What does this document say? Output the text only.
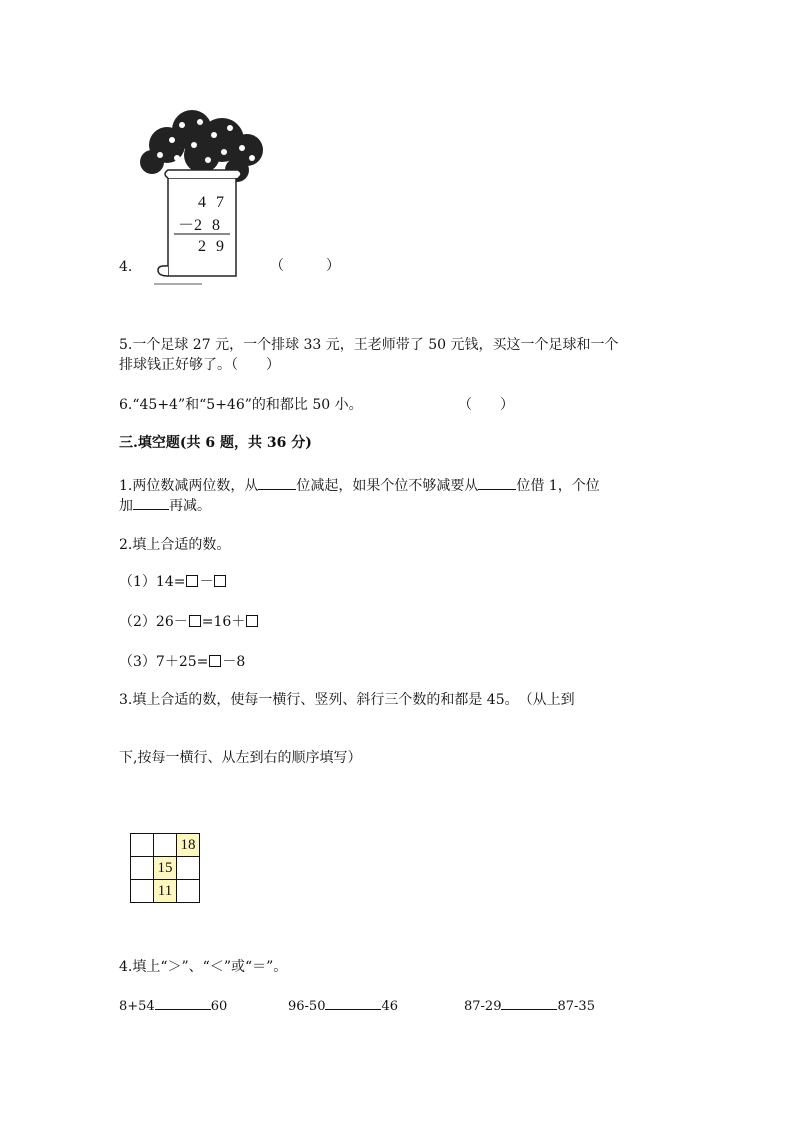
4 7
－2 8
2 9
4.	（　　　）
5.一个足球 27 元，一个排球 33 元，王老师带了 50 元钱，买这一个足球和一个
排球钱正好够了。（　　）
6.“45+4”和“5+46”的和都比 50 小。	（　　）
三.填空题(共 6 题，共 36 分)
1.两位数减两位数，从	位减起，如果个位不够减要从	位借 1，个位
加	再减。
2.填上合适的数。
（1）14= －
（2）26－ =16＋
（3）7＋25= －8
3.填上合适的数，使每一横行、竖列、斜行三个数的和都是 45。　（从上到
下,按每一横行、从左到右的顺序填写）
		18
	15	
	11	
4.填上“＞”、“＜”或“＝”。
8+54	60	96-50	46	87-29	87-35
